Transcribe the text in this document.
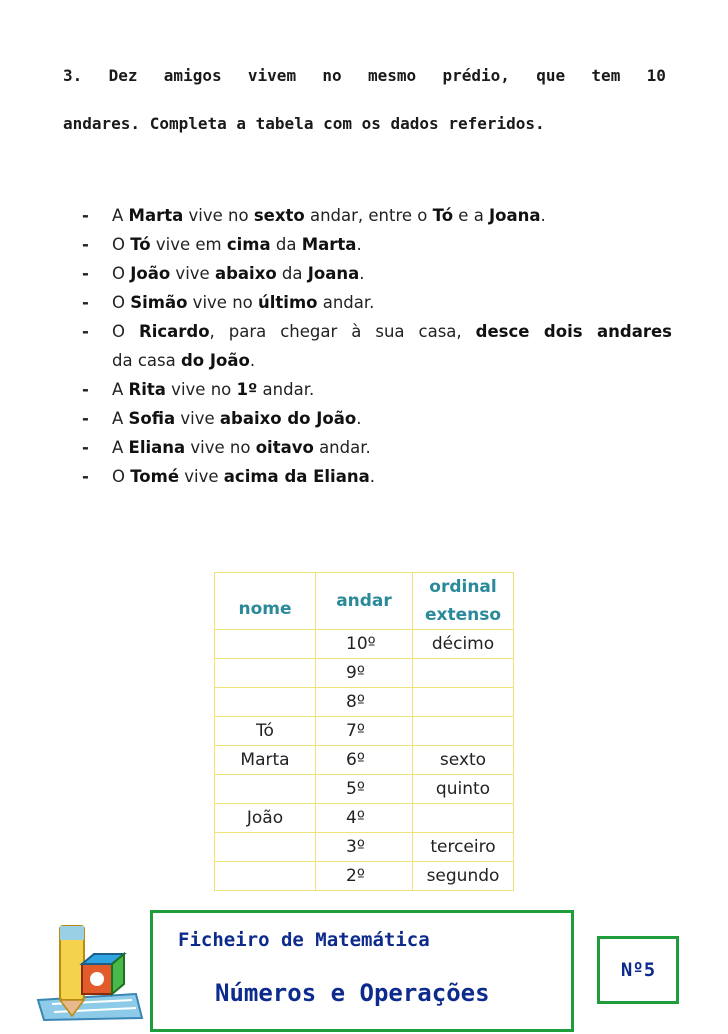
3. Dez amigos vivem no mesmo prédio, que tem 10
andares. Completa a tabela com os dados referidos.
- A Marta vive no sexto andar, entre o Tó e a Joana.
- O Tó vive em cima da Marta.
- O João vive abaixo da Joana.
- O Simão vive no último andar.
- O Ricardo, para chegar à sua casa, desce dois andares
da casa do João.
- A Rita vive no 1º andar.
- A Sofia vive abaixo do João.
- A Eliana vive no oitavo andar.
- O Tomé vive acima da Eliana.
nome	andar	ordinal
extenso

	10º	décimo
	9º	
	8º	
Tó	7º	
Marta	6º	sexto
	5º	quinto
João	4º	
	3º	terceiro
	2º	segundo
Ficheiro de Matemática
Números e Operações
Nº5
